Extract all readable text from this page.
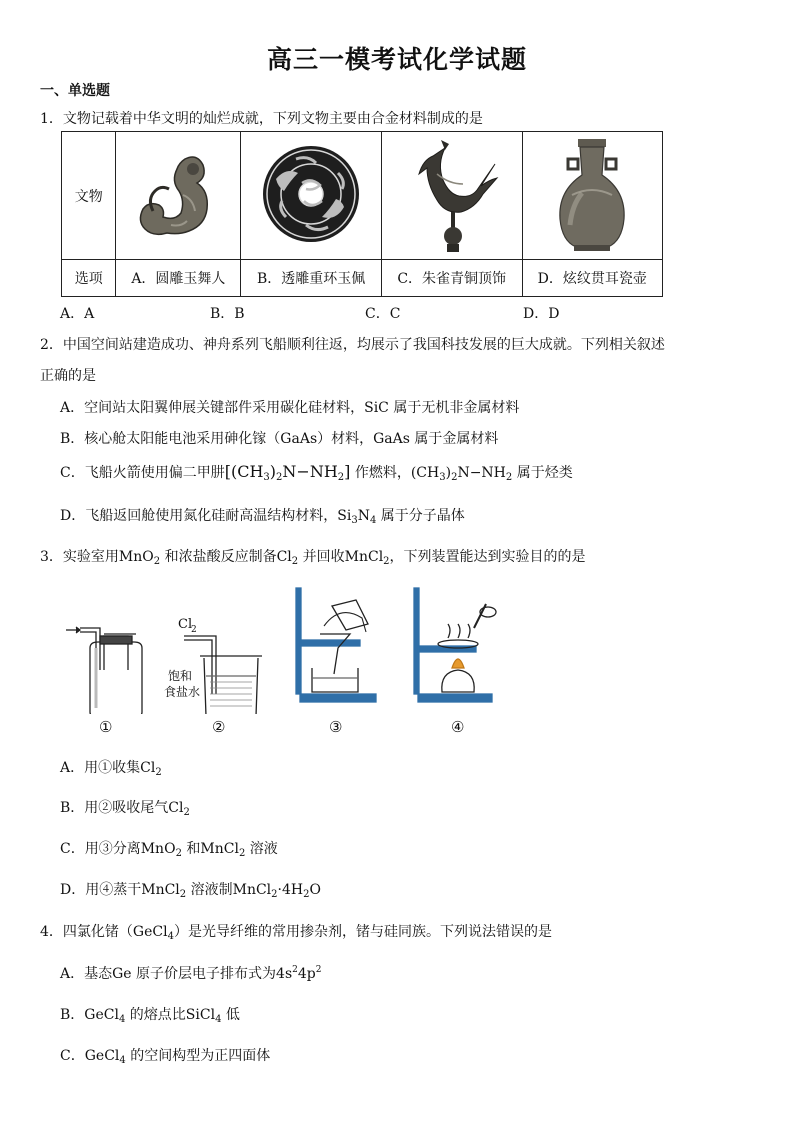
高三一模考试化学试题
一、单选题
1．文物记载着中华文明的灿烂成就，下列文物主要由合金材料制成的是
文物				
选项	A．圆雕玉舞人	B．透雕重环玉佩	C．朱雀青铜顶饰	D．炫纹贯耳瓷壶
A．A	B．B	C．C	D．D
2．中国空间站建造成功、神舟系列飞船顺利往返，均展示了我国科技发展的巨大成就。下列相关叙述
正确的是
A．空间站太阳翼伸展关键部件采用碳化硅材料，SiC 属于无机非金属材料
B．核心舱太阳能电池采用砷化镓（GaAs）材料，GaAs 属于金属材料
C．飞船火箭使用偏二甲肼$[(CH_3)_2N-NH_2]$ 作燃料，$(CH_3)_2N-NH_2$ 属于烃类
D．飞船返回舱使用氮化硅耐高温结构材料，$Si_3N_4$ 属于分子晶体
3．实验室用MnO$_2$ 和浓盐酸反应制备$Cl_2$ 并回收MnCl$_2$，下列装置能达到实验目的的是
Cl
2
饱和
食盐水
①	②	③	④
A．用①收集$Cl_2$
B．用②吸收尾气$Cl_2$
C．用③分离MnO$_2$ 和MnCl$_2$ 溶液
D．用④蒸干MnCl$_2$ 溶液制$MnCl_2\cdot 4H_2O$
4．四氯化锗（GeCl$_4$）是光导纤维的常用掺杂剂，锗与硅同族。下列说法错误的是
A．基态Ge 原子价层电子排布式为$4s^24p^2$
B．GeCl$_4$ 的熔点比SiCl$_4$ 低
C．GeCl$_4$ 的空间构型为正四面体
